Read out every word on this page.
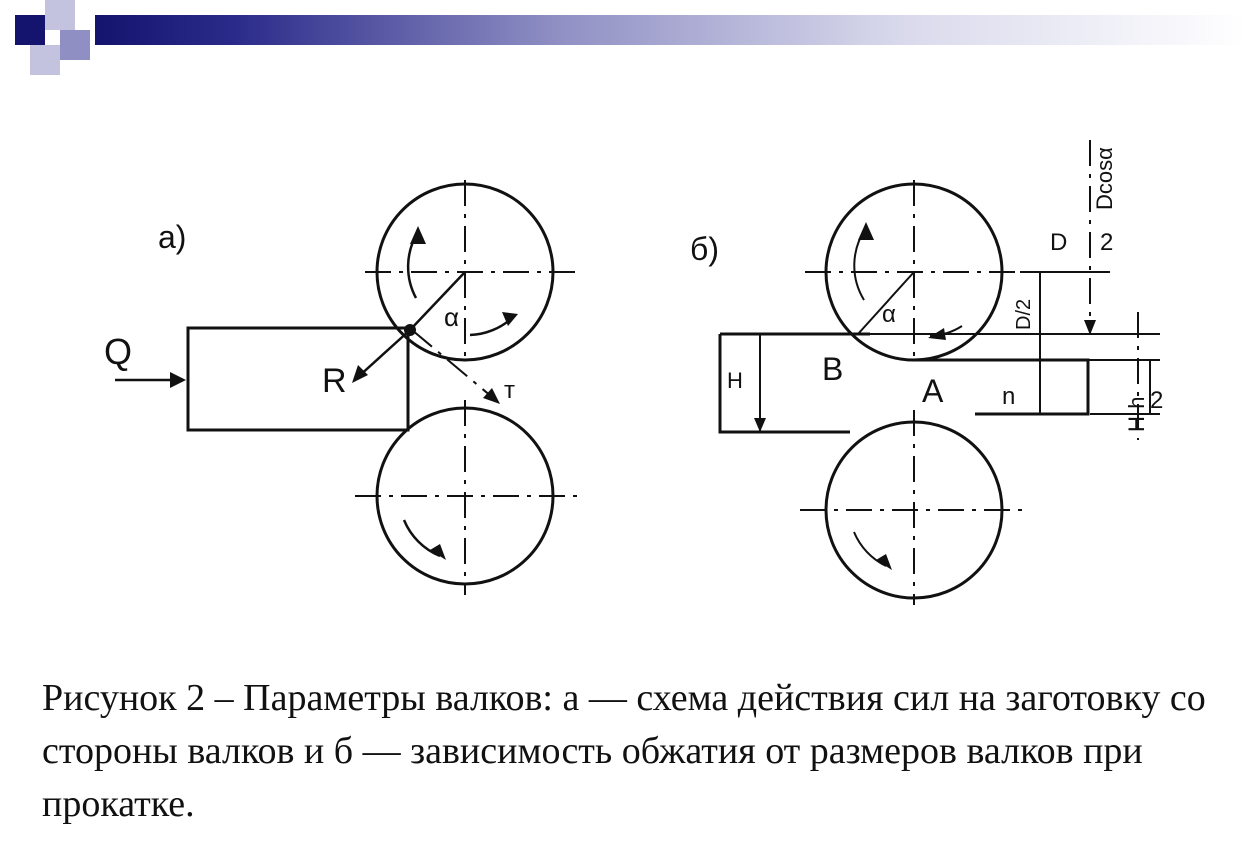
а)
Q
R
α
т
б)	D 2
Dcosα
D/2
α
H B
A n
H-h 2

Рисунок 2 – Параметры валков: а — схема действия сил на заготовку со стороны валков и б — зависимость обжатия от размеров валков при прокатке.
